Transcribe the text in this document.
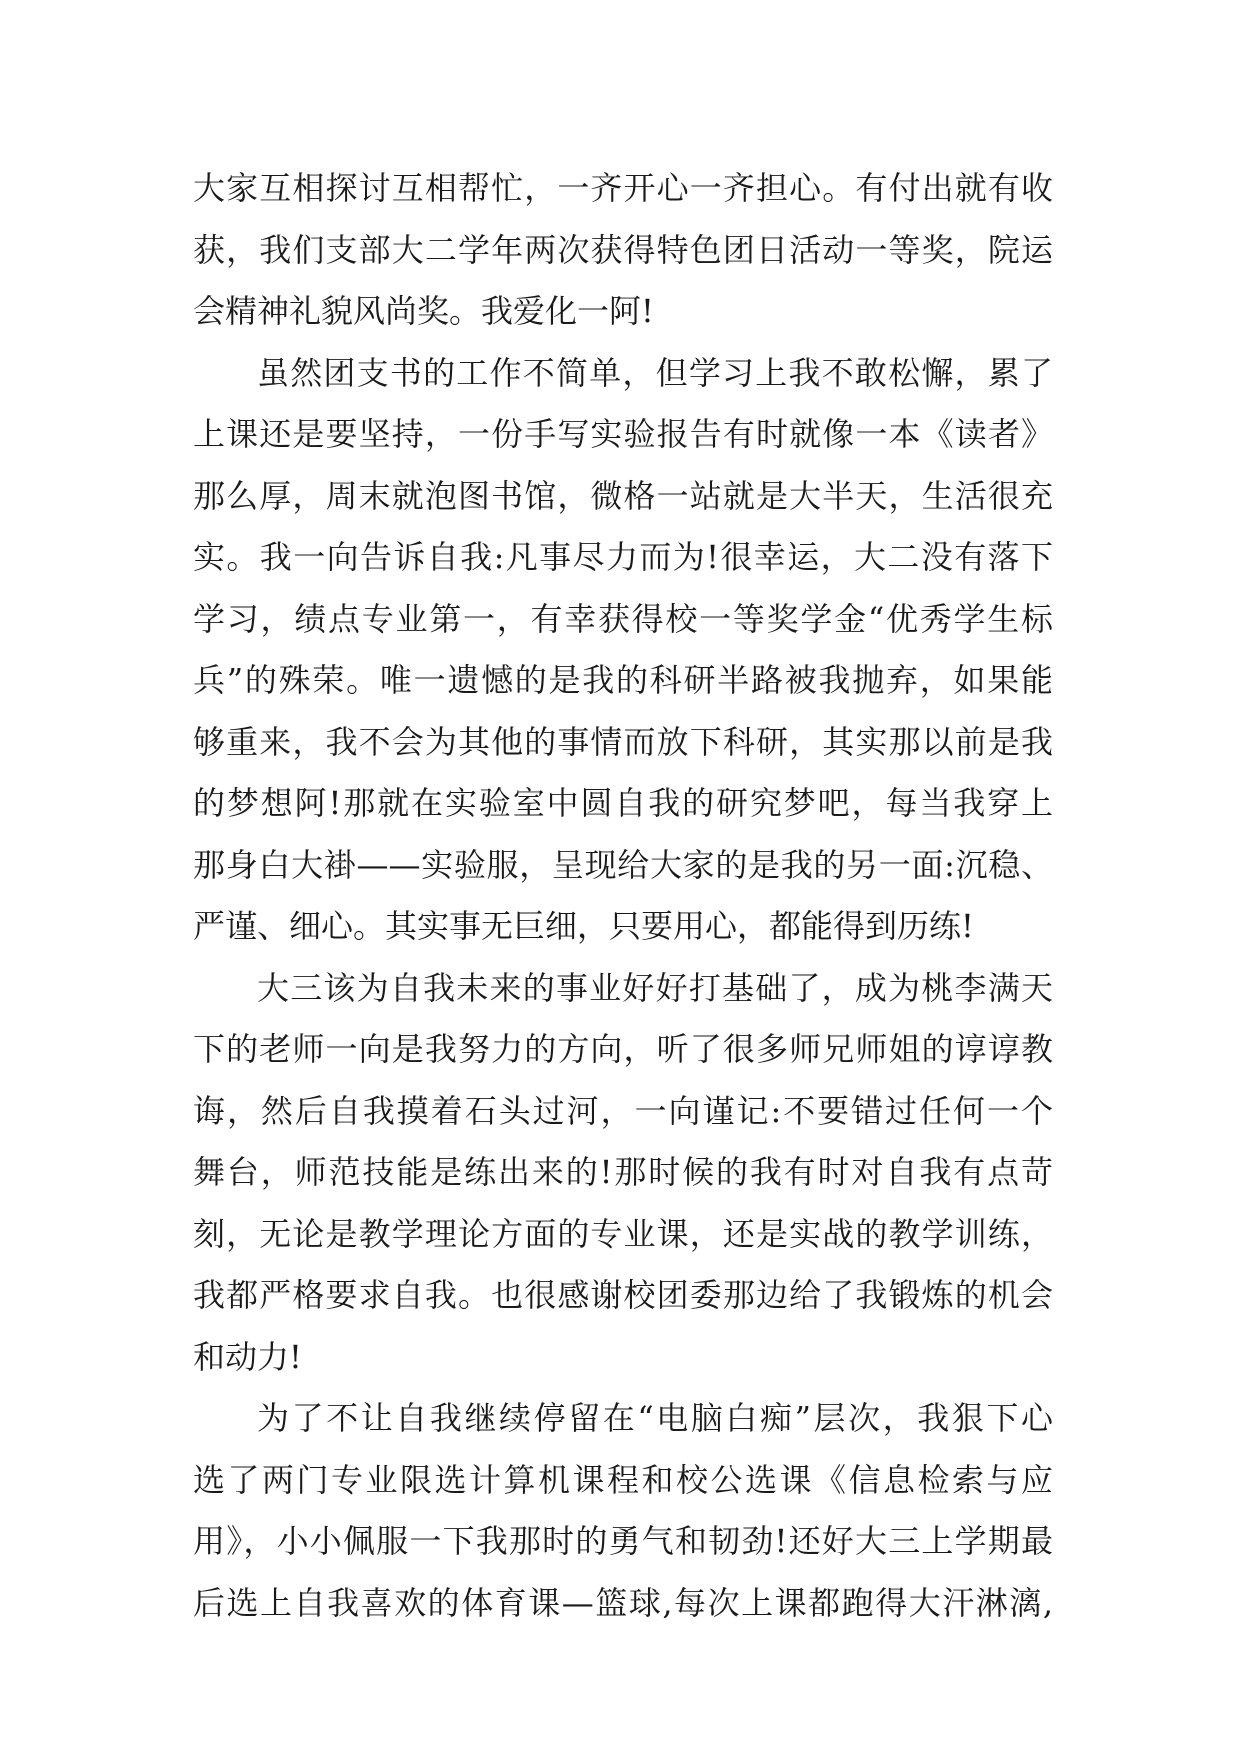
大家互相探讨互相帮忙，一齐开心一齐担心。有付出就有收
获，我们支部大二学年两次获得特色团日活动一等奖，院运
会精神礼貌风尚奖。我爱化一阿!
虽然团支书的工作不简单，但学习上我不敢松懈，累了
上课还是要坚持，一份手写实验报告有时就像一本《读者》
那么厚，周末就泡图书馆，微格一站就是大半天，生活很充
实。我一向告诉自我:凡事尽力而为!很幸运，大二没有落下
学习，绩点专业第一，有幸获得校一等奖学金“优秀学生标
兵”的殊荣。唯一遗憾的是我的科研半路被我抛弃，如果能
够重来，我不会为其他的事情而放下科研，其实那以前是我
的梦想阿!那就在实验室中圆自我的研究梦吧，每当我穿上
那身白大褂——实验服，呈现给大家的是我的另一面:沉稳、
严谨、细心。其实事无巨细，只要用心，都能得到历练!
大三该为自我未来的事业好好打基础了，成为桃李满天
下的老师一向是我努力的方向，听了很多师兄师姐的谆谆教
诲，然后自我摸着石头过河，一向谨记:不要错过任何一个
舞台，师范技能是练出来的!那时候的我有时对自我有点苛
刻，无论是教学理论方面的专业课，还是实战的教学训练，
我都严格要求自我。也很感谢校团委那边给了我锻炼的机会
和动力!
为了不让自我继续停留在“电脑白痴”层次，我狠下心
选了两门专业限选计算机课程和校公选课《信息检索与应
用》，小小佩服一下我那时的勇气和韧劲!还好大三上学期最
后选上自我喜欢的体育课—篮球,每次上课都跑得大汗淋漓,
